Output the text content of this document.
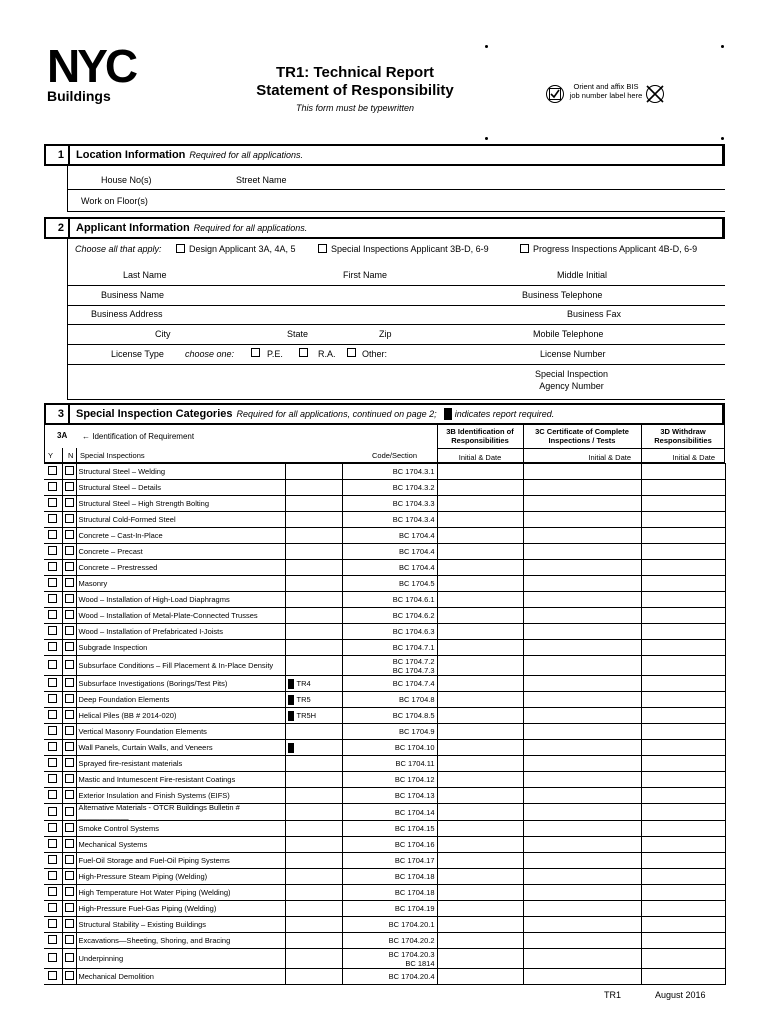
NYC
Buildings
TR1: Technical Report
Statement of Responsibility
This form must be typewritten
Orient and affix BIS job number label here
1	Location Information Required for all applications.
House No(s)	Street Name
Work on Floor(s)
2	Applicant Information Required for all applications.
Choose all that apply:	Design Applicant 3A, 4A, 5	Special Inspections Applicant 3B-D, 6-9	Progress Inspections Applicant 4B-D, 6-9
Last Name	First Name	Middle Initial
Business Name	Business Telephone
Business Address	Business Fax
City	State	Zip	Mobile Telephone
License Type choose one:	P.E.	R.A.	Other:	License Number
Special Inspection
Agency Number
3	Special Inspection Categories Required for all applications, continued on page 2; indicates report required.
3A ← Identification of Requirement
3B Identification of Responsibilities
3C Certificate of Complete Inspections / Tests
3D Withdraw Responsibilities
Y N Special Inspections	Code/Section	Initial & Date	Initial & Date	Initial & Date
		Structural Steel – Welding		BC 1704.3.1			
		Structural Steel – Details		BC 1704.3.2			
		Structural Steel – High Strength Bolting		BC 1704.3.3			
		Structural Cold-Formed Steel		BC 1704.3.4			
		Concrete – Cast-In-Place		BC 1704.4			
		Concrete – Precast		BC 1704.4			
		Concrete – Prestressed		BC 1704.4			
		Masonry		BC 1704.5			
		Wood – Installation of High-Load Diaphragms		BC 1704.6.1			
		Wood – Installation of Metal-Plate-Connected Trusses		BC 1704.6.2			
		Wood – Installation of Prefabricated I-Joists		BC 1704.6.3			
		Subgrade Inspection		BC 1704.7.1			
		Subsurface Conditions – Fill Placement & In-Place Density		BC 1704.7.2
BC 1704.7.3			
		Subsurface Investigations (Borings/Test Pits)	TR4	BC 1704.7.4			
		Deep Foundation Elements	TR5	BC 1704.8			
		Helical Piles (BB # 2014-020)	TR5H	BC 1704.8.5			
		Vertical Masonry Foundation Elements		BC 1704.9			
		Wall Panels, Curtain Walls, and Veneers		BC 1704.10			
		Sprayed fire-resistant materials		BC 1704.11			
		Mastic and Intumescent Fire-resistant Coatings		BC 1704.12			
		Exterior Insulation and Finish Systems (EIFS)		BC 1704.13			
		Alternative Materials - OTCR Buildings Bulletin # ____________		BC 1704.14			
		Smoke Control Systems		BC 1704.15			
		Mechanical Systems		BC 1704.16			
		Fuel-Oil Storage and Fuel-Oil Piping Systems		BC 1704.17			
		High-Pressure Steam Piping (Welding)		BC 1704.18			
		High Temperature Hot Water Piping (Welding)		BC 1704.18			
		High-Pressure Fuel-Gas Piping (Welding)		BC 1704.19			
		Structural Stability – Existing Buildings		BC 1704.20.1			
		Excavations—Sheeting, Shoring, and Bracing		BC 1704.20.2			
		Underpinning		BC 1704.20.3
BC 1814			
		Mechanical Demolition		BC 1704.20.4			
TR1	August 2016
